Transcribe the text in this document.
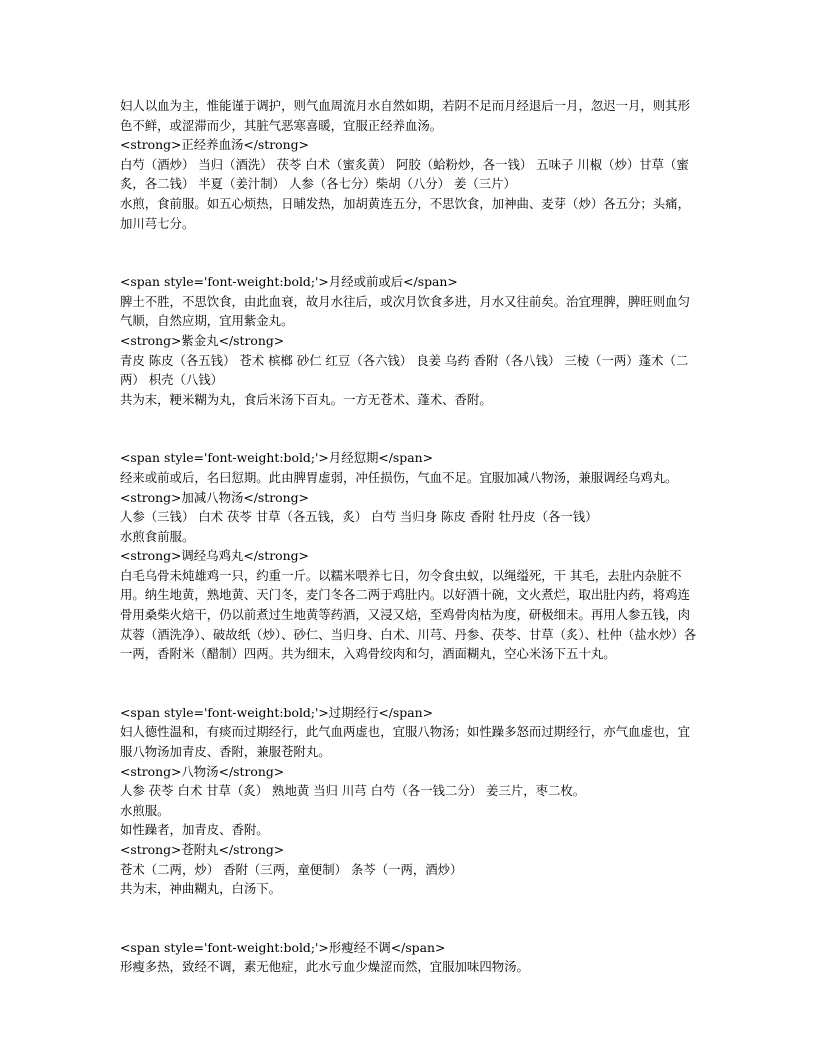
妇人以血为主，惟能谨于调护，则气血周流月水自然如期，若阴不足而月经退后一月，忽迟一月，则其形色不鲜，或涩滞而少，其脏气恶寒喜暖，宜服正经养血汤。

<strong>正经养血汤</strong>

白芍（酒炒） 当归（酒洗） 茯苓 白术（蜜炙黄） 阿胶（蛤粉炒，各一钱） 五味子 川椒（炒）甘草（蜜炙，各二钱） 半夏（姜汁制） 人参（各七分）柴胡（八分） 姜（三片）

水煎，食前服。如五心烦热，日晡发热，加胡黄连五分，不思饮食，加神曲、麦芽（炒）各五分；头痛，加川芎七分。

<span style='font-weight:bold;'>月经或前或后</span>

脾土不胜，不思饮食，由此血衰，故月水往后，或次月饮食多进，月水又往前矣。治宜理脾，脾旺则血匀气顺，自然应期，宜用紫金丸。

<strong>紫金丸</strong>

青皮 陈皮（各五钱） 苍术 槟榔 砂仁 红豆（各六钱） 良姜 乌药 香附（各八钱） 三棱（一两）蓬术（二两） 枳壳（八钱）

共为末，粳米糊为丸，食后米汤下百丸。一方无苍术、蓬术、香附。

<span style='font-weight:bold;'>月经愆期</span>

经来或前或后，名曰愆期。此由脾胃虚弱，冲任损伤，气血不足。宜服加减八物汤，兼服调经乌鸡丸。

<strong>加减八物汤</strong>

人参（三钱） 白术 茯苓 甘草（各五钱，炙） 白芍 当归身 陈皮 香附 牡丹皮（各一钱）

水煎食前服。

<strong>调经乌鸡丸</strong>

白毛乌骨未炖雄鸡一只，约重一斤。以糯米喂养七日，勿令食虫蚁，以绳缢死，干 其毛，去肚内杂脏不用。纳生地黄，熟地黄、天门冬，麦门冬各二两于鸡肚内。以好酒十碗，文火煮烂，取出肚内药，将鸡连骨用桑柴火焙干，仍以前煮过生地黄等药酒，又浸又焙，至鸡骨肉枯为度，研极细末。再用人参五钱，肉苁蓉（酒洗净）、破故纸（炒）、砂仁、当归身、白术、川芎、丹参、茯苓、甘草（炙）、杜仲（盐水炒）各一两，香附米（醋制）四两。共为细末，入鸡骨绞肉和匀，酒面糊丸，空心米汤下五十丸。

<span style='font-weight:bold;'>过期经行</span>

妇人德性温和，有痰而过期经行，此气血两虚也，宜服八物汤；如性躁多怒而过期经行，亦气血虚也，宜服八物汤加青皮、香附，兼服苍附丸。

<strong>八物汤</strong>

人参 茯苓 白术 甘草（炙） 熟地黄 当归 川芎 白芍（各一钱二分） 姜三片，枣二枚。

水煎服。

如性躁者，加青皮、香附。

<strong>苍附丸</strong>

苍术（二两，炒） 香附（三两，童便制） 条芩（一两，酒炒）

共为末，神曲糊丸，白汤下。

<span style='font-weight:bold;'>形瘦经不调</span>

形瘦多热，致经不调，素无他症，此水亏血少燥涩而然，宜服加味四物汤。
